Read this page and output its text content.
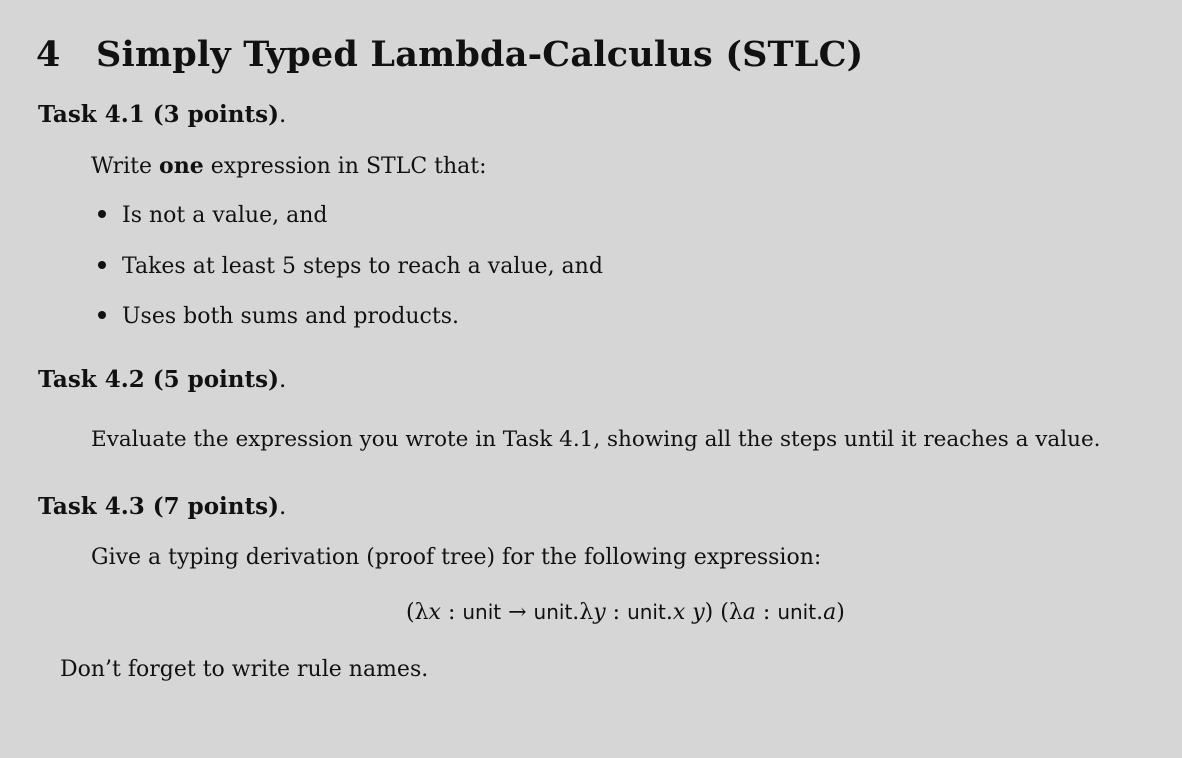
4 Simply Typed Lambda-Calculus (STLC)
Task 4.1 (3 points).
Write one expression in STLC that:
Is not a value, and
Takes at least 5 steps to reach a value, and
Uses both sums and products.
Task 4.2 (5 points).
Evaluate the expression you wrote in Task 4.1, showing all the steps until it reaches a value.
Task 4.3 (7 points).
Give a typing derivation (proof tree) for the following expression:
(λx : unit → unit.λy : unit.x y) (λa : unit.a)
Don’t forget to write rule names.
